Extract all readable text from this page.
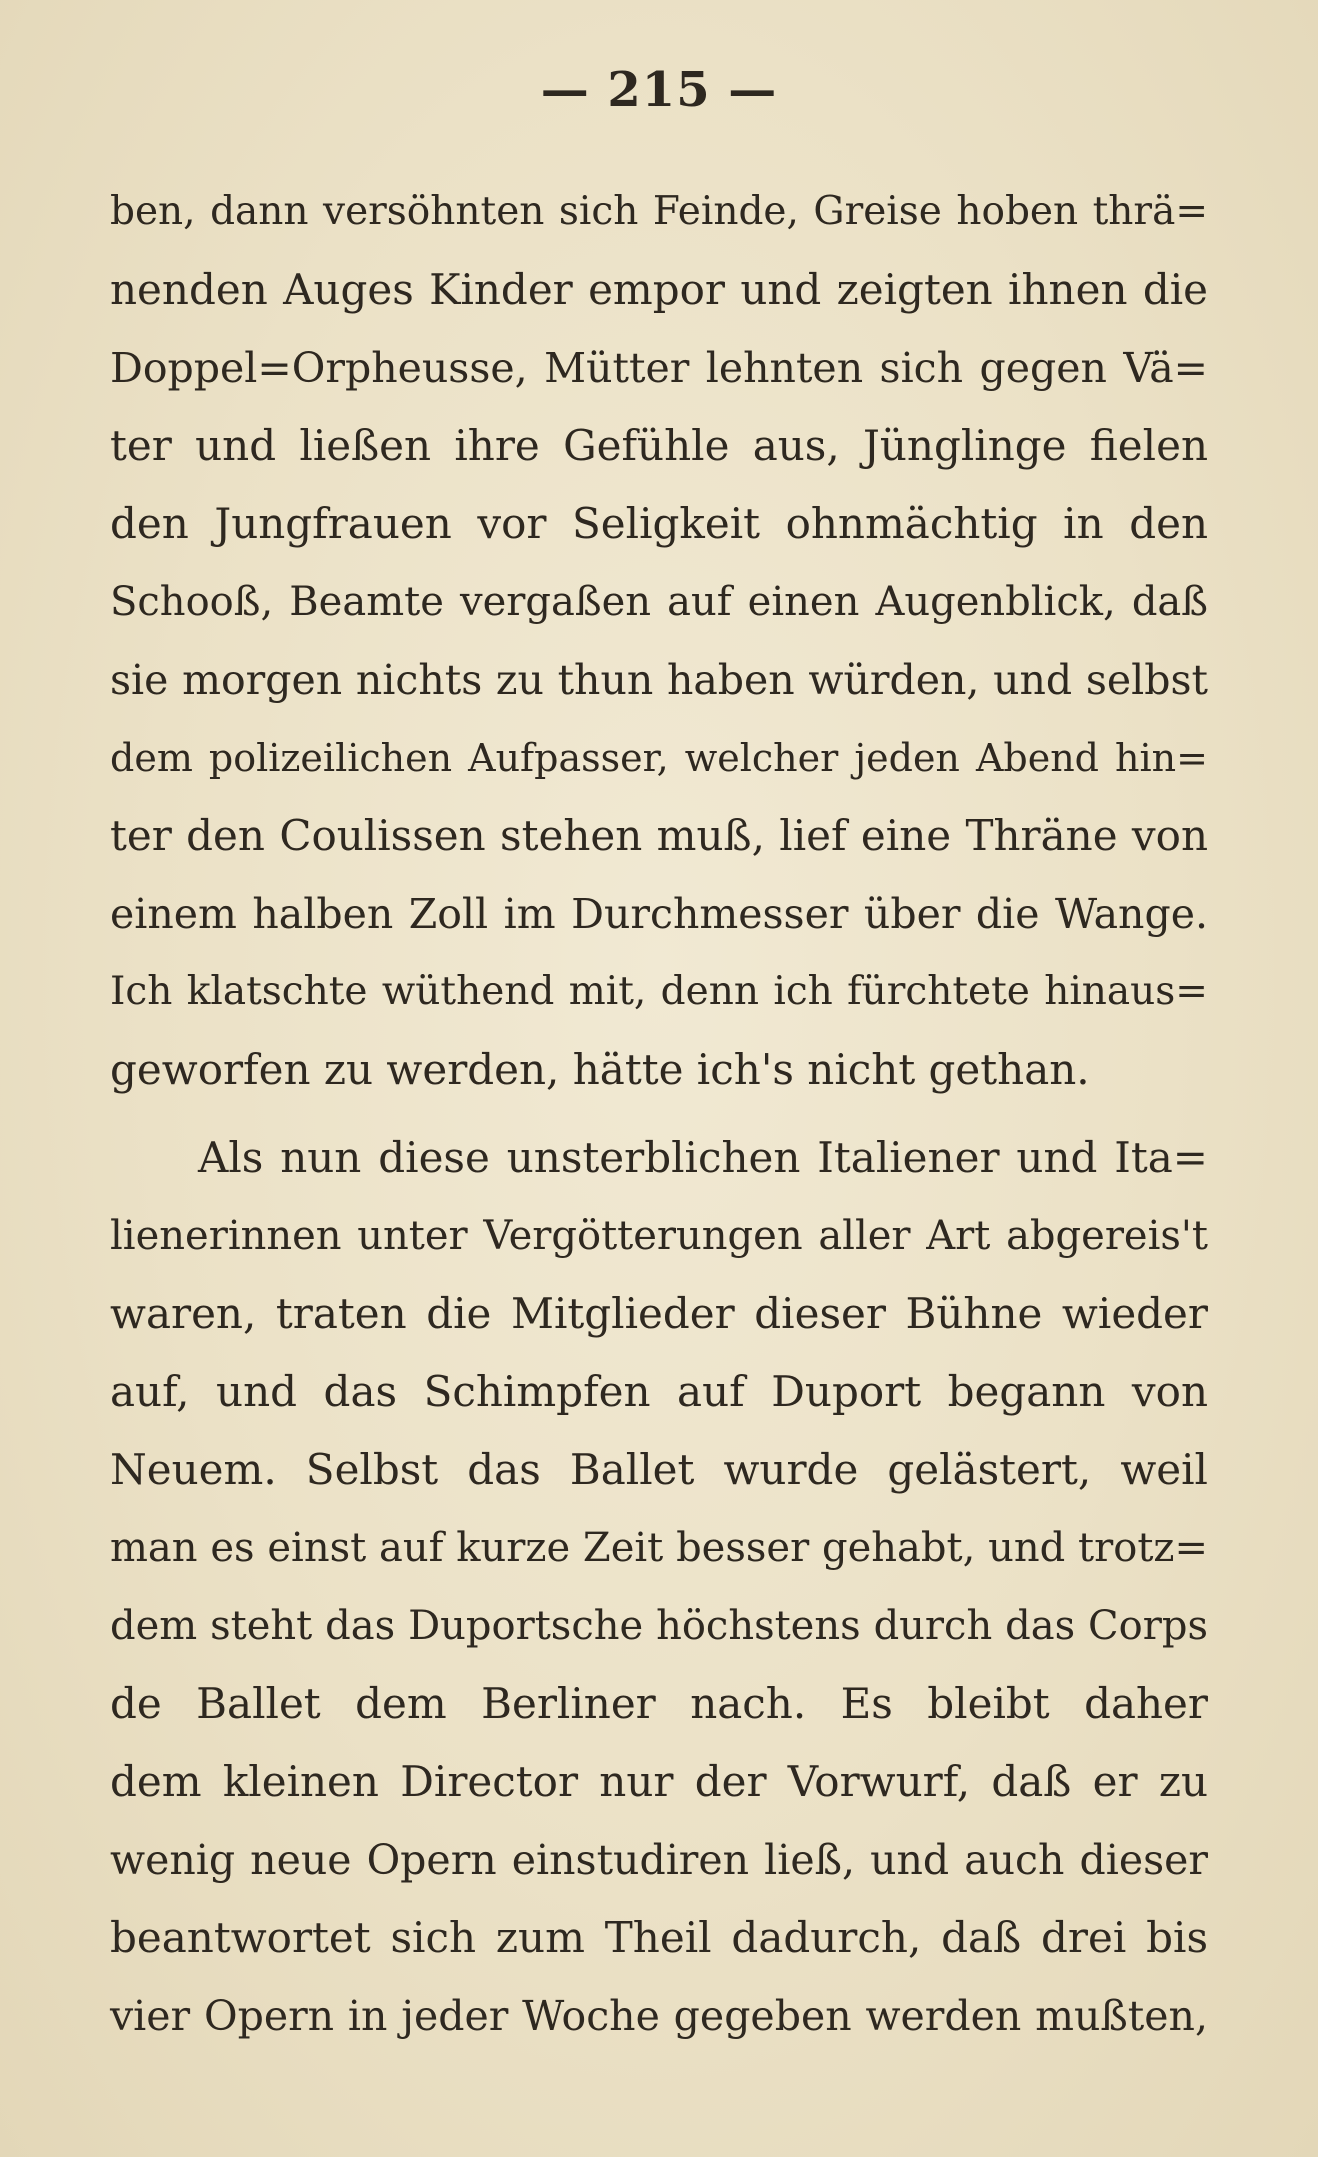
— 215 —
ben, dann versöhnten sich Feinde, Greise hoben thrä=
nenden Auges Kinder empor und zeigten ihnen die
Doppel=Orpheusse, Mütter lehnten sich gegen Vä=
ter und ließen ihre Gefühle aus, Jünglinge fielen
den Jungfrauen vor Seligkeit ohnmächtig in den
Schooß, Beamte vergaßen auf einen Augenblick, daß
sie morgen nichts zu thun haben würden, und selbst
dem polizeilichen Aufpasser, welcher jeden Abend hin=
ter den Coulissen stehen muß, lief eine Thräne von
einem halben Zoll im Durchmesser über die Wange.
Ich klatschte wüthend mit, denn ich fürchtete hinaus=
geworfen zu werden, hätte ich's nicht gethan.
Als nun diese unsterblichen Italiener und Ita=
lienerinnen unter Vergötterungen aller Art abgereis't
waren, traten die Mitglieder dieser Bühne wieder
auf, und das Schimpfen auf Duport begann von
Neuem. Selbst das Ballet wurde gelästert, weil
man es einst auf kurze Zeit besser gehabt, und trotz=
dem steht das Duportsche höchstens durch das Corps
de Ballet dem Berliner nach. Es bleibt daher
dem kleinen Director nur der Vorwurf, daß er zu
wenig neue Opern einstudiren ließ, und auch dieser
beantwortet sich zum Theil dadurch, daß drei bis
vier Opern in jeder Woche gegeben werden mußten,
